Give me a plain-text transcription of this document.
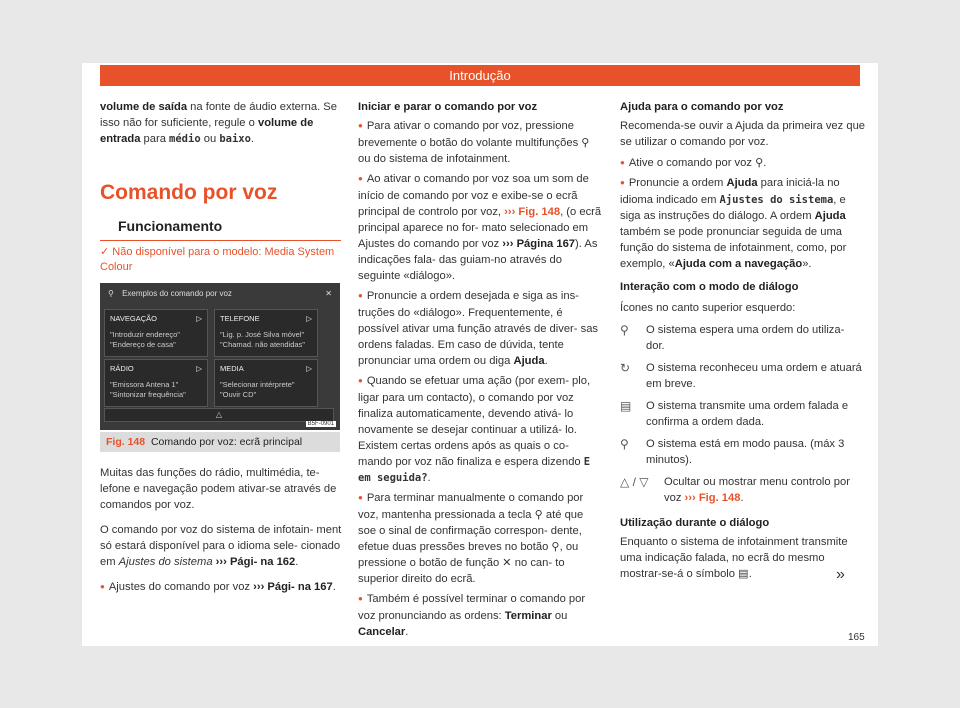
Introdução

volume de saída na fonte de áudio externa. Se isso não for suficiente, regule o volume de entrada para médio ou baixo.

Comando por voz
Funcionamento
✓ Não disponível para o modelo: Media System Colour
⚲ Exemplos do comando por voz	✕
NAVEGAÇÃO	▷
"Introduzir endereço"
"Endereço de casa"
TELEFONE	▷
"Lig. p. José Silva móvel"
"Chamad. não atendidas"
RÁDIO	▷
"Emissora Antena 1"
"Sintonizar frequência"
MEDIA	▷
"Selecionar intérprete"
"Ouvir CD"
△
B5F-0901
Fig. 148 Comando por voz: ecrã principal

Muitas das funções do rádio, multimédia, te- lefone e navegação podem ativar-se através de comandos por voz.

O comando por voz do sistema de infotain- ment só estará disponível para o idioma sele- cionado em Ajustes do sistema ››› Pági- na 162.

● Ajustes do comando por voz ››› Pági- na 167.

Iniciar e parar o comando por voz

● Para ativar o comando por voz, pressione brevemente o botão do volante multifunções ⚲ ou do sistema de infotainment.

● Ao ativar o comando por voz soa um som de início de comando por voz e exibe-se o ecrã principal de controlo por voz, ››› Fig. 148, (o ecrã principal aparece no for- mato selecionado em Ajustes do comando por voz ››› Página 167). As indicações fala- das guiam-no através do seguinte «diálogo».

● Pronuncie a ordem desejada e siga as ins- truções do «diálogo». Frequentemente, é possível ativar uma função através de diver- sas ordens faladas. Em caso de dúvida, tente pronunciar uma ordem ou diga Ajuda.

● Quando se efetuar uma ação (por exem- plo, ligar para um contacto), o comando por voz finaliza automaticamente, devendo ativá- lo novamente se desejar continuar a utilizá- lo. Existem certas ordens após as quais o co- mando por voz não finaliza e espera dizendo E em seguida?.

● Para terminar manualmente o comando por voz, mantenha pressionada a tecla ⚲ até que soe o sinal de confirmação correspon- dente, efetue duas pressões breves no botão ⚲, ou pressione o botão de função ✕ no can- to superior direito do ecrã.

● Também é possível terminar o comando por voz pronunciando as ordens: Terminar ou Cancelar.

Ajuda para o comando por voz

Recomenda-se ouvir a Ajuda da primeira vez que se utilizar o comando por voz.

● Ative o comando por voz ⚲.

● Pronuncie a ordem Ajuda para iniciá-la no idioma indicado em Ajustes do sistema, e siga as instruções do diálogo. A ordem Ajuda também se pode pronunciar seguida de uma função do sistema de infotainment, como, por exemplo, «Ajuda com a navegação».

Interação com o modo de diálogo

Ícones no canto superior esquerdo:

⚲	O sistema espera uma ordem do utiliza- dor.
↻	O sistema reconheceu uma ordem e atuará em breve.
▤	O sistema transmite uma ordem falada e confirma a ordem dada.
⚲	O sistema está em modo pausa. (máx 3 minutos).
△ / ▽	Ocultar ou mostrar menu controlo por voz ››› Fig. 148.

Utilização durante o diálogo

Enquanto o sistema de infotainment transmite uma indicação falada, no ecrã do mesmo mostrar-se-á o símbolo ▤.	»
165
